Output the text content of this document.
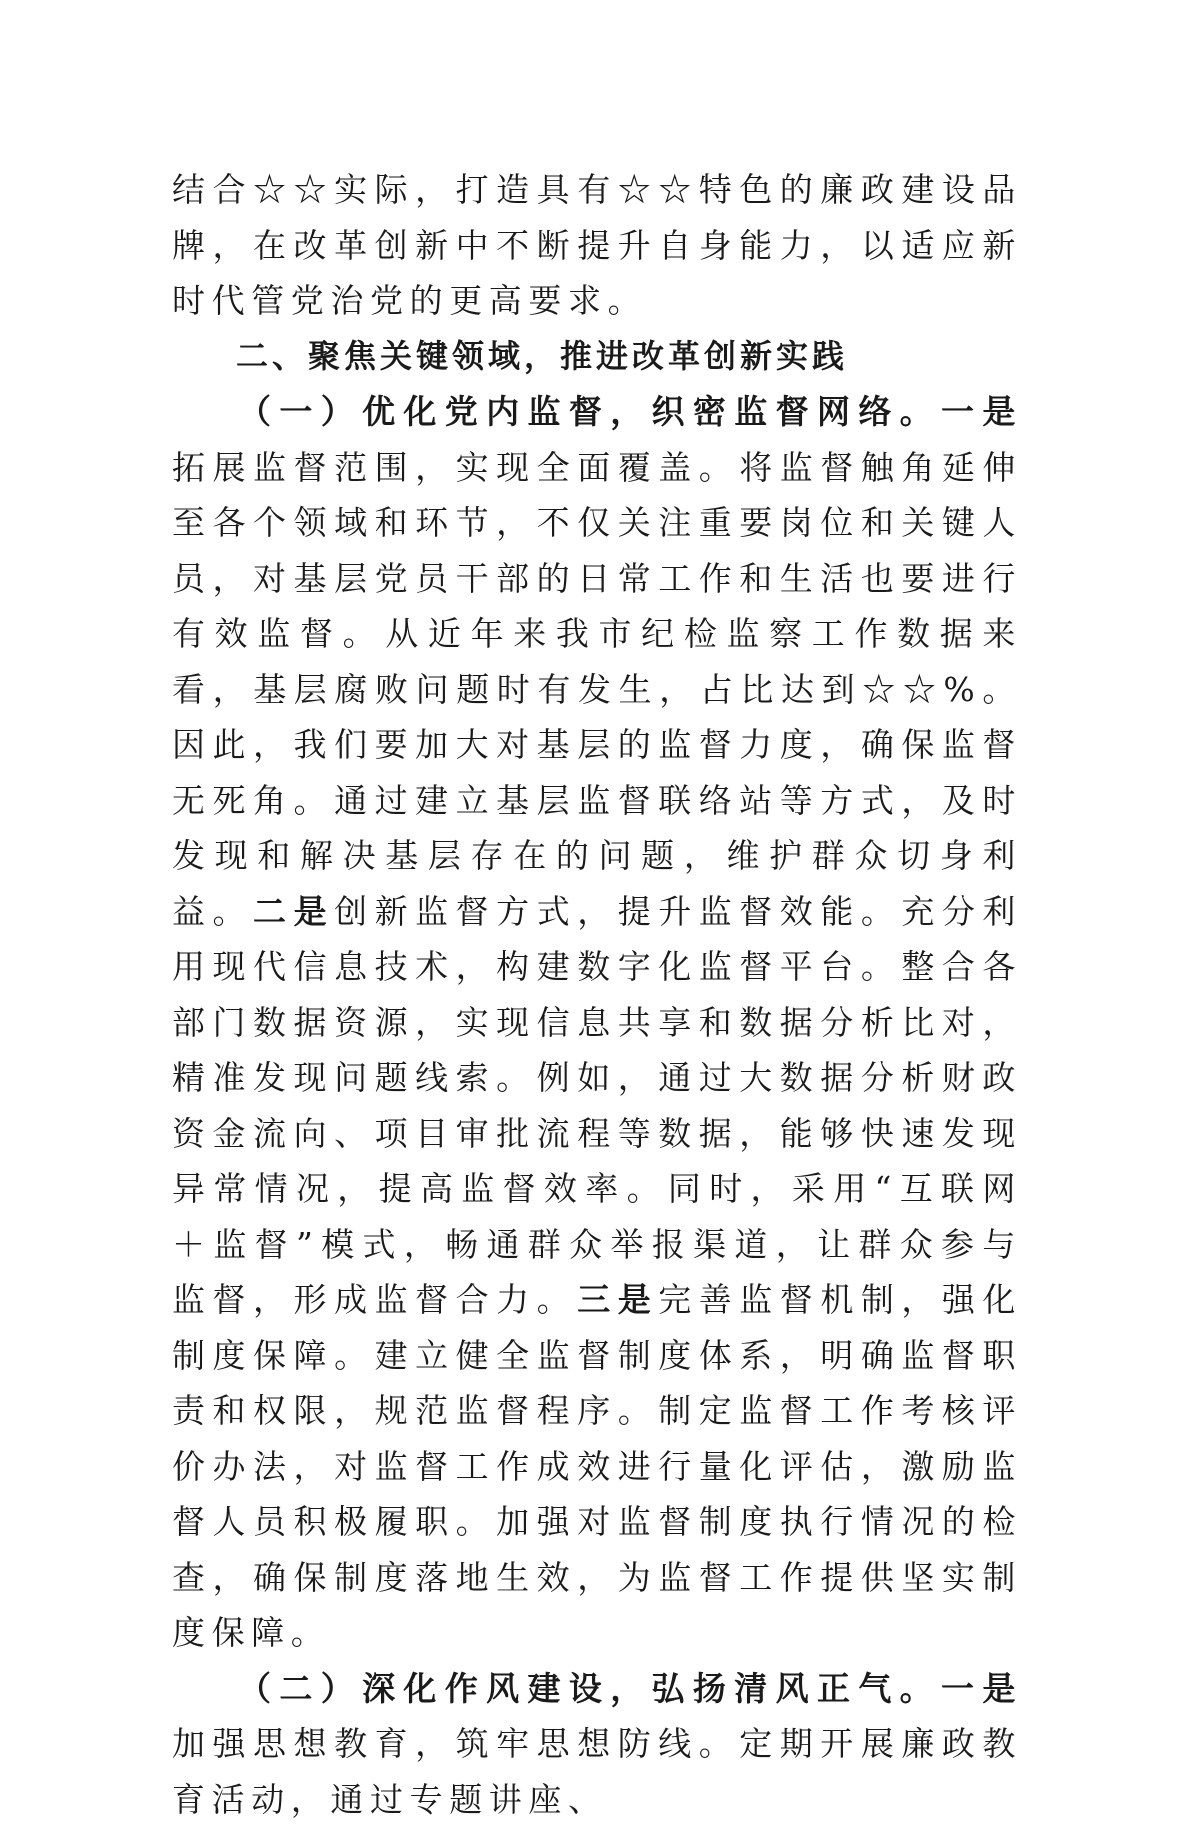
结合☆☆实际，打造具有☆☆特色的廉政建设品牌，在改革创新中不断提升自身能力，以适应新时代管党治党的更高要求。

二、聚焦关键领域，推进改革创新实践

（一）优化党内监督，织密监督网络。一是拓展监督范围，实现全面覆盖。将监督触角延伸至各个领域和环节，不仅关注重要岗位和关键人员，对基层党员干部的日常工作和生活也要进行有效监督。从近年来我市纪检监察工作数据来看，基层腐败问题时有发生，占比达到☆☆%。因此，我们要加大对基层的监督力度，确保监督无死角。通过建立基层监督联络站等方式，及时发现和解决基层存在的问题，维护群众切身利益。二是创新监督方式，提升监督效能。充分利用现代信息技术，构建数字化监督平台。整合各部门数据资源，实现信息共享和数据分析比对，精准发现问题线索。例如，通过大数据分析财政资金流向、项目审批流程等数据，能够快速发现异常情况，提高监督效率。同时，采用“互联网＋监督”模式，畅通群众举报渠道，让群众参与监督，形成监督合力。三是完善监督机制，强化制度保障。建立健全监督制度体系，明确监督职责和权限，规范监督程序。制定监督工作考核评价办法，对监督工作成效进行量化评估，激励监督人员积极履职。加强对监督制度执行情况的检查，确保制度落地生效，为监督工作提供坚实制度保障。

（二）深化作风建设，弘扬清风正气。一是加强思想教育，筑牢思想防线。定期开展廉政教育活动，通过专题讲座、
